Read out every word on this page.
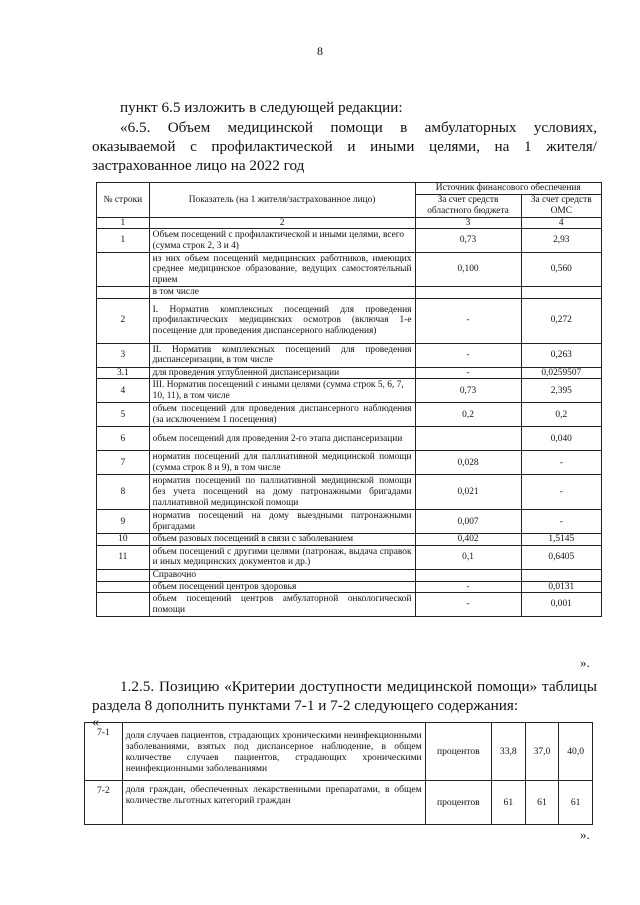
8
пункт 6.5 изложить в следующей редакции:
«6.5. Объем медицинской помощи в амбулаторных условиях, оказываемой с профилактической и иными целями, на 1 жителя/застрахованное лицо на 2022 год
№ строки	Показатель (на 1 жителя/застрахованное лицо)	Источник финансового обеспечения	
		За счет средств областного бюджета	За счет средств ОМС
1	2	3	4
1	Объем посещений с профилактической и иными целями, всего (сумма строк 2, 3 и 4)	0,73	2,93
	из них объем посещений медицинских работников, имеющих среднее медицинское образование, ведущих самостоятельный прием	0,100	0,560
	в том числе		
2	I. Норматив комплексных посещений для проведения профилактических медицинских осмотров (включая 1-е посещение для проведения диспансерного наблюдения)	-	0,272
3	II. Норматив комплексных посещений для проведения диспансеризации, в том числе	-	0,263
3.1	для проведения углубленной диспансеризации	-	0,0259507
4	III. Норматив посещений с иными целями (сумма строк 5, 6, 7, 10, 11), в том числе	0,73	2,395
5	объем посещений для проведения диспансерного наблюдения (за исключением 1 посещения)	0,2	0,2
6	объем посещений для проведения 2-го этапа диспансеризации		0,040
7	норматив посещений для паллиативной медицинской помощи (сумма строк 8 и 9), в том числе	0,028	-
8	норматив посещений по паллиативной медицинской помощи без учета посещений на дому патронажными бригадами паллиативной медицинской помощи	0,021	-
9	норматив посещений на дому выездными патронажными бригадами	0,007	-
10	объем разовых посещений в связи с заболеванием	0,402	1,5145
11	объем посещений с другими целями (патронаж, выдача справок и иных медицинских документов и др.)	0,1	0,6405
	Справочно		
	объем посещений центров здоровья	-	0,0131
	объем посещений центров амбулаторной онкологической помощи	-	0,001
».
1.2.5. Позицию «Критерии доступности медицинской помощи» таблицы раздела 8 дополнить пунктами 7-1 и 7-2 следующего содержания:
«
7-1	доля случаев пациентов, страдающих хроническими неинфекционными заболеваниями, взятых под диспансерное наблюдение, в общем количестве случаев пациентов, страдающих хроническими неинфекционными заболеваниями	процентов	33,8	37,0	40,0
7-2	доля граждан, обеспеченных лекарственными препаратами, в общем количестве льготных категорий граждан	процентов	61	61	61
».
